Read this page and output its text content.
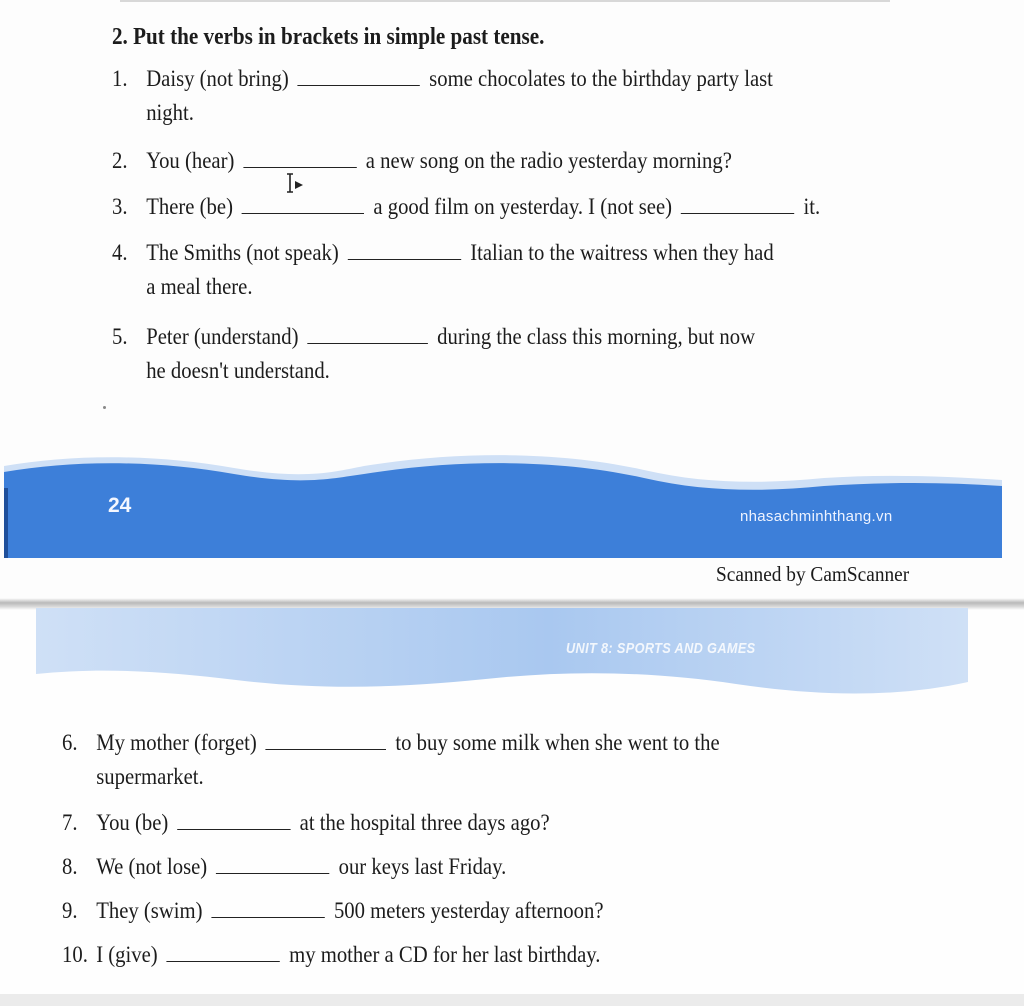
2. Put the verbs in brackets in simple past tense.
1. Daisy (not bring)	some chocolates to the birthday party last
night.
2. You (hear)	a new song on the radio yesterday morning?
3. There (be)	a good film on yesterday. I (not see)	it.
4. The Smiths (not speak)	Italian to the waitress when they had
a meal there.
5. Peter (understand)	during the class this morning, but now
he doesn't understand.
24	nhasachminhthang.vn
Scanned by CamScanner
UNIT 8: SPORTS AND GAMES
6. My mother (forget)	to buy some milk when she went to the
supermarket.
7. You (be)	at the hospital three days ago?
8. We (not lose)	our keys last Friday.
9. They (swim)	500 meters yesterday afternoon?
10. I (give)	my mother a CD for her last birthday.
